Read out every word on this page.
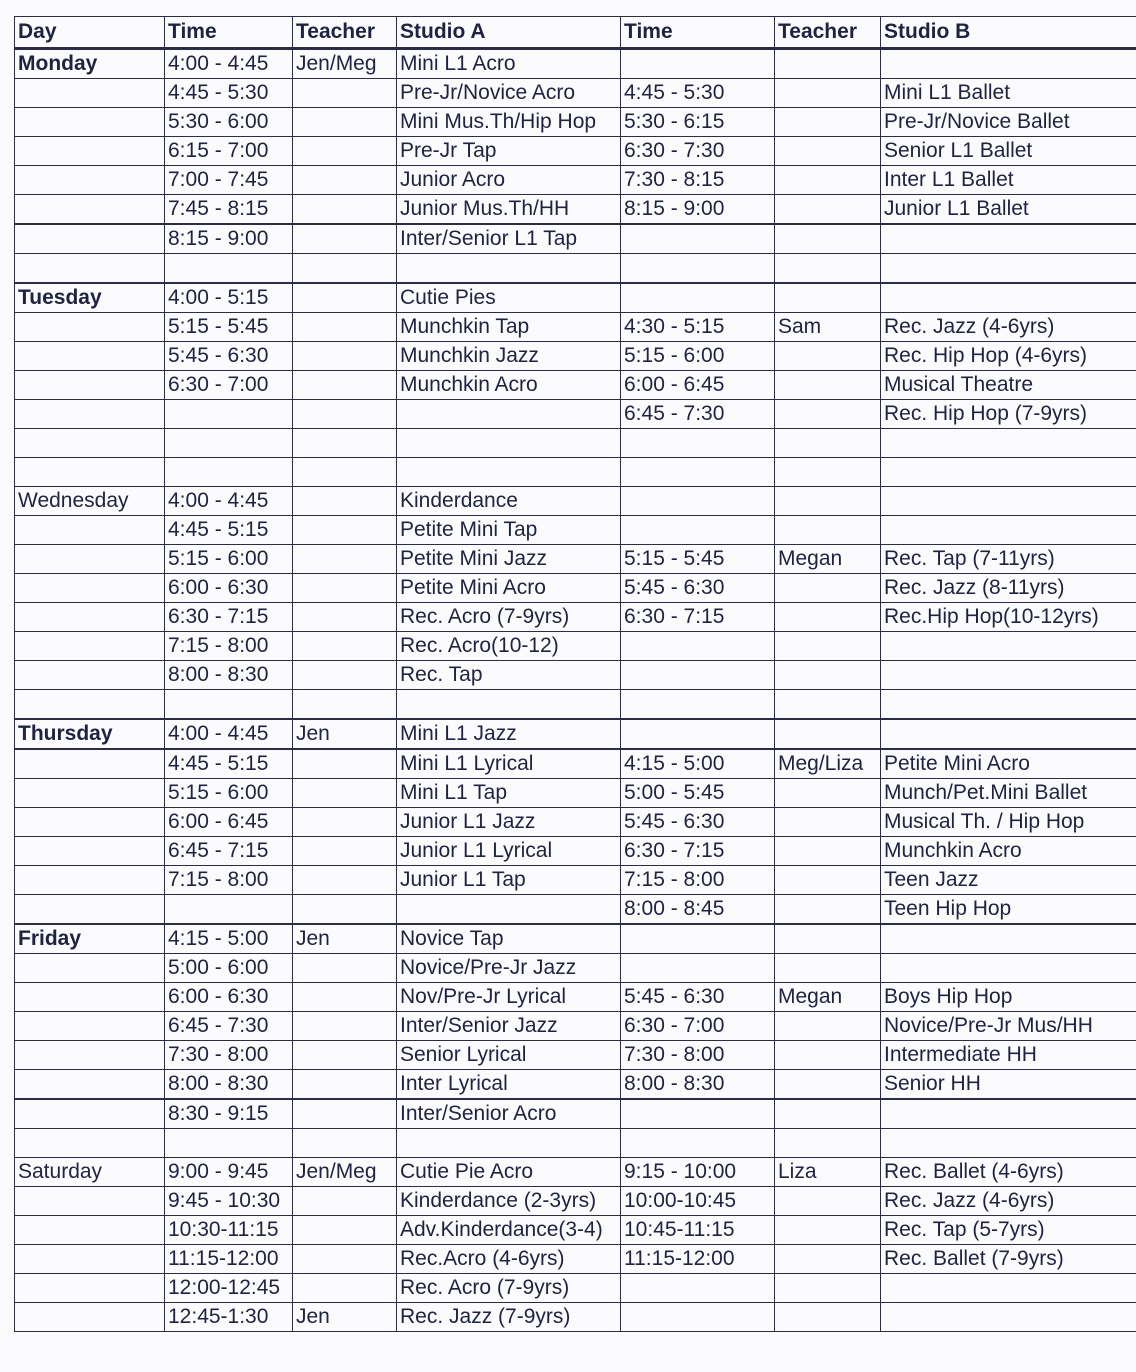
Day	Time	Teacher	Studio A	Time	Teacher	Studio B
Monday	4:00 - 4:45	Jen/Meg	Mini L1 Acro			
	4:45 - 5:30		Pre-Jr/Novice Acro	4:45 - 5:30		Mini L1 Ballet
	5:30 - 6:00		Mini Mus.Th/Hip Hop	5:30 - 6:15		Pre-Jr/Novice Ballet
	6:15 - 7:00		Pre-Jr Tap	6:30 - 7:30		Senior L1 Ballet
	7:00 - 7:45		Junior Acro	7:30 - 8:15		Inter L1 Ballet
	7:45 - 8:15		Junior Mus.Th/HH	8:15 - 9:00		Junior L1 Ballet
	8:15 - 9:00		Inter/Senior L1 Tap			

Tuesday	4:00 - 5:15		Cutie Pies			
	5:15 - 5:45		Munchkin Tap	4:30 - 5:15	Sam	Rec. Jazz (4-6yrs)
	5:45 - 6:30		Munchkin Jazz	5:15 - 6:00		Rec. Hip Hop (4-6yrs)
	6:30 - 7:00		Munchkin Acro	6:00 - 6:45		Musical Theatre
				6:45 - 7:30		Rec. Hip Hop (7-9yrs)

Wednesday	4:00 - 4:45		Kinderdance			
	4:45 - 5:15		Petite Mini Tap			
	5:15 - 6:00		Petite Mini Jazz	5:15 - 5:45	Megan	Rec. Tap (7-11yrs)
	6:00 - 6:30		Petite Mini Acro	5:45 - 6:30		Rec. Jazz (8-11yrs)
	6:30 - 7:15		Rec. Acro (7-9yrs)	6:30 - 7:15		Rec.Hip Hop(10-12yrs)
	7:15 - 8:00		Rec. Acro(10-12)			
	8:00 - 8:30		Rec. Tap			

Thursday	4:00 - 4:45	Jen	Mini L1 Jazz			
	4:45 - 5:15		Mini L1 Lyrical	4:15 - 5:00	Meg/Liza	Petite Mini Acro
	5:15 - 6:00		Mini L1 Tap	5:00 - 5:45		Munch/Pet.Mini Ballet
	6:00 - 6:45		Junior L1 Jazz	5:45 - 6:30		Musical Th. / Hip Hop
	6:45 - 7:15		Junior L1 Lyrical	6:30 - 7:15		Munchkin Acro
	7:15 - 8:00		Junior L1 Tap	7:15 - 8:00		Teen Jazz
				8:00 - 8:45		Teen Hip Hop
Friday	4:15 - 5:00	Jen	Novice Tap			
	5:00 - 6:00		Novice/Pre-Jr Jazz			
	6:00 - 6:30		Nov/Pre-Jr Lyrical	5:45 - 6:30	Megan	Boys Hip Hop
	6:45 - 7:30		Inter/Senior Jazz	6:30 - 7:00		Novice/Pre-Jr Mus/HH
	7:30 - 8:00		Senior Lyrical	7:30 - 8:00		Intermediate HH
	8:00 - 8:30		Inter Lyrical	8:00 - 8:30		Senior HH
	8:30 - 9:15		Inter/Senior Acro			

Saturday	9:00 - 9:45	Jen/Meg	Cutie Pie Acro	9:15 - 10:00	Liza	Rec. Ballet (4-6yrs)
	9:45 - 10:30		Kinderdance (2-3yrs)	10:00-10:45		Rec. Jazz (4-6yrs)
	10:30-11:15		Adv.Kinderdance(3-4)	10:45-11:15		Rec. Tap (5-7yrs)
	11:15-12:00		Rec.Acro (4-6yrs)	11:15-12:00		Rec. Ballet (7-9yrs)
	12:00-12:45		Rec. Acro (7-9yrs)			
	12:45-1:30	Jen	Rec. Jazz (7-9yrs)			
